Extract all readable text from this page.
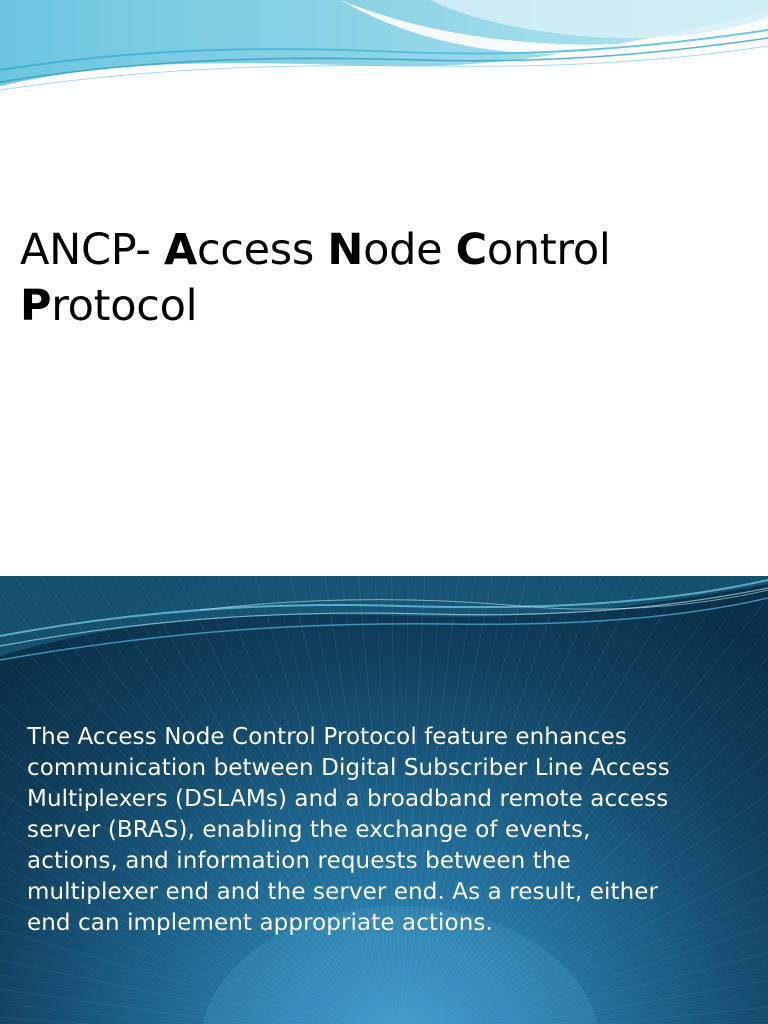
ANCP- Access Node Control
Protocol
The Access Node Control Protocol feature enhances
communication between Digital Subscriber Line Access
Multiplexers (DSLAMs) and a broadband remote access
server (BRAS), enabling the exchange of events,
actions, and information requests between the
multiplexer end and the server end. As a result, either
end can implement appropriate actions.
